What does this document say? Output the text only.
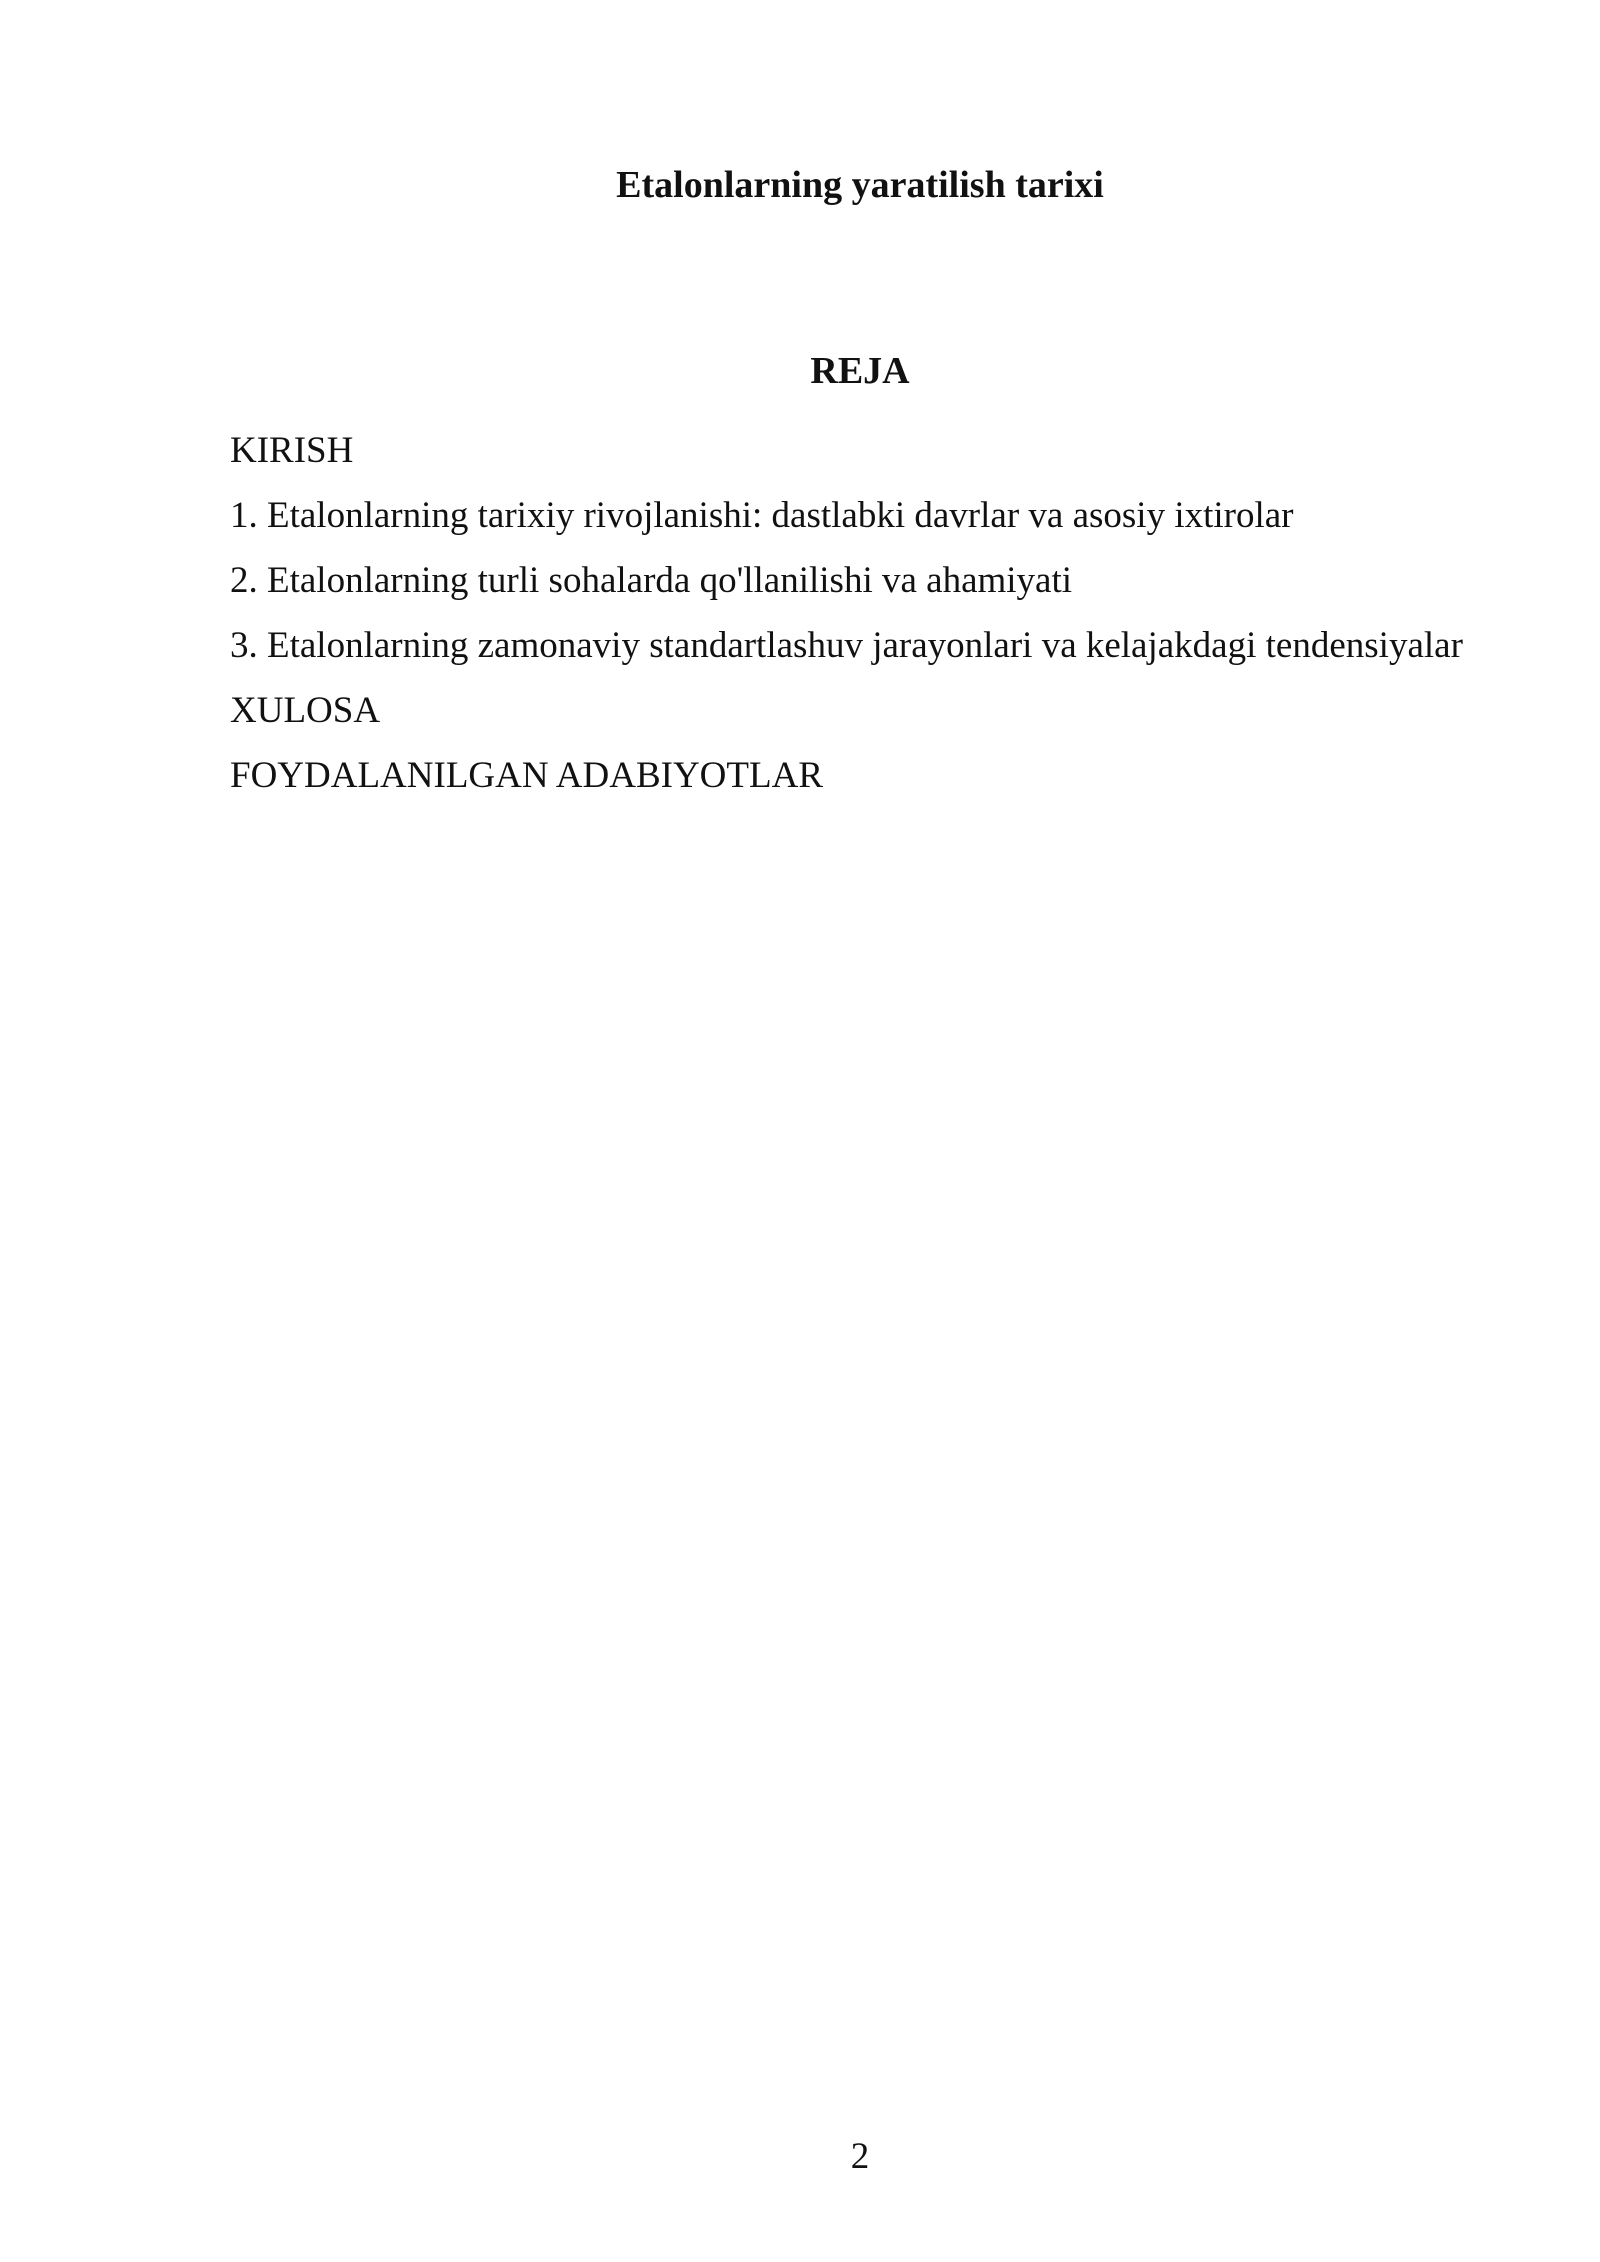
Etalonlarning yaratilish tarixi
REJA
KIRISH
1. Etalonlarning tarixiy rivojlanishi: dastlabki davrlar va asosiy ixtirolar
2. Etalonlarning turli sohalarda qo'llanilishi va ahamiyati
3. Etalonlarning zamonaviy standartlashuv jarayonlari va kelajakdagi tendensiyalar
XULOSA
FOYDALANILGAN ADABIYOTLAR
2
